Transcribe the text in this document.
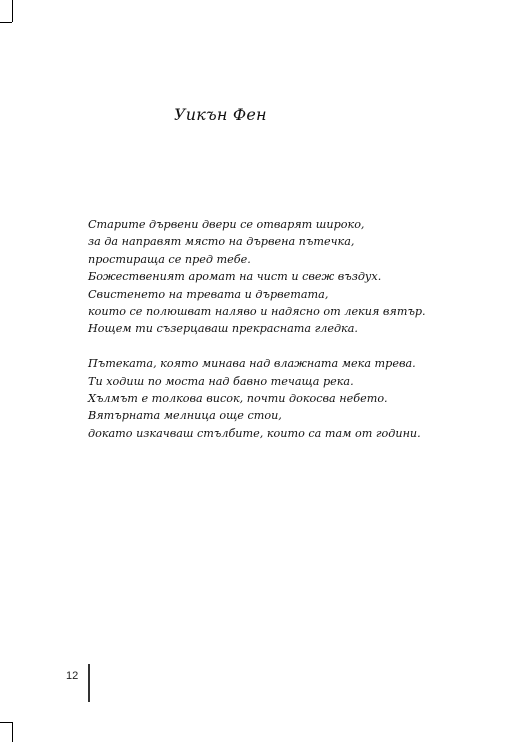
Уикън Фен

Старите дървени двери се отварят широко,
за да направят място на дървена пътечка,
простираща се пред тебе.
Божественият аромат на чист и свеж въздух.
Свистенето на тревата и дърветата,
които се полюшват наляво и надясно от лекия вятър.
Нощем ти съзерцаваш прекрасната гледка.

Пътеката, която минава над влажната мека трева.
Ти ходиш по моста над бавно течаща река.
Хълмът е толкова висок, почти докосва небето.
Вятърната мелница още стои,
докато изкачваш стълбите, които са там от години.

12
